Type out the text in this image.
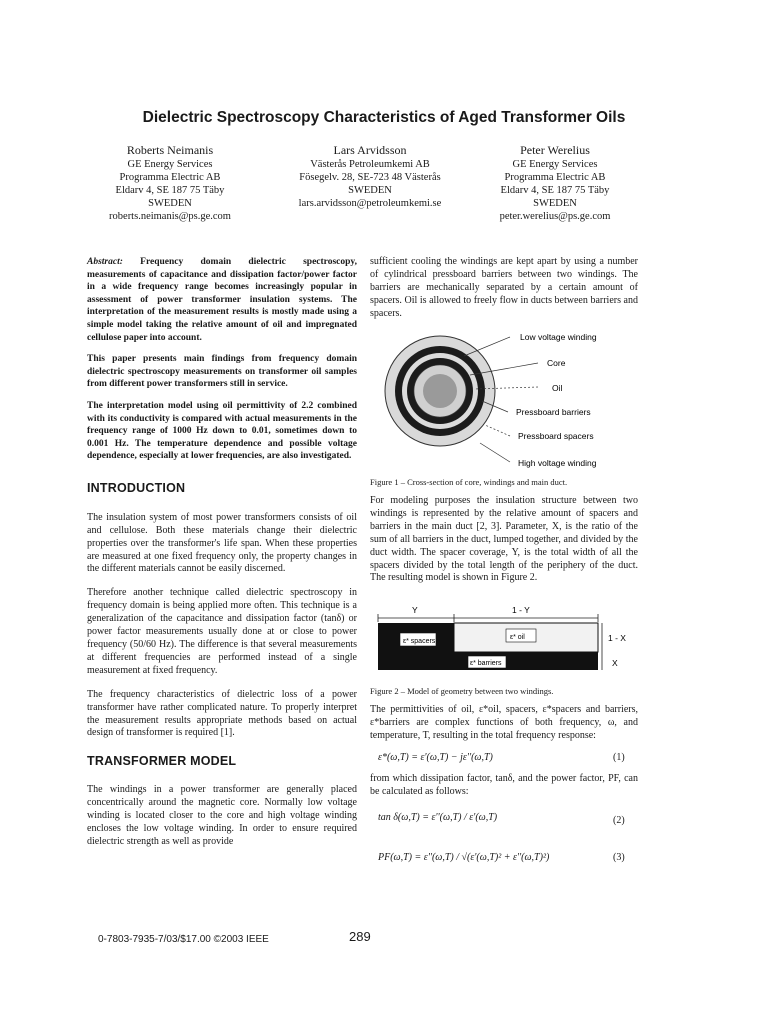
Dielectric Spectroscopy Characteristics of Aged Transformer Oils
Roberts Neimanis
GE Energy Services
Programma Electric AB
Eldarv 4, SE 187 75 Täby
SWEDEN
roberts.neimanis@ps.ge.com
Lars Arvidsson
Västerås Petroleumkemi AB
Fösegelv. 28, SE-723 48 Västerås
SWEDEN
lars.arvidsson@petroleumkemi.se
Peter Werelius
GE Energy Services
Programma Electric AB
Eldarv 4, SE 187 75 Täby
SWEDEN
peter.werelius@ps.ge.com

Abstract: Frequency domain dielectric spectroscopy, measurements of capacitance and dissipation factor/power factor in a wide frequency range becomes increasingly popular in assessment of power transformer insulation systems. The interpretation of the measurement results is mostly made using a simple model taking the relative amount of oil and impregnated cellulose paper into account.

This paper presents main findings from frequency domain dielectric spectroscopy measurements on transformer oil samples from different power transformers still in service.

The interpretation model using oil permittivity of 2.2 combined with its conductivity is compared with actual measurements in the frequency range of 1000 Hz down to 0.01, sometimes down to 0.001 Hz. The temperature dependence and possible voltage dependence, especially at lower frequencies, are also investigated.

INTRODUCTION

The insulation system of most power transformers consists of oil and cellulose. Both these materials change their dielectric properties over the transformer's life span. When these properties are measured at one fixed frequency only, the property changes in the different materials cannot be easily discerned.

Therefore another technique called dielectric spectroscopy in frequency domain is being applied more often. This technique is a generalization of the capacitance and dissipation factor (tanδ) or power factor measurements usually done at or close to power frequency (50/60 Hz). The difference is that several measurements at different frequencies are performed instead of a single measurement at fixed frequency.

The frequency characteristics of dielectric loss of a power transformer have rather complicated nature. To properly interpret the measurement results appropriate methods based on actual design of transformer is required [1].

TRANSFORMER MODEL

The windings in a power transformer are generally placed concentrically around the magnetic core. Normally low voltage winding is located closer to the core and high voltage winding encloses the low voltage winding. In order to ensure required dielectric strength as well as provide

sufficient cooling the windings are kept apart by using a number of cylindrical pressboard barriers between two windings. The barriers are mechanically separated by a certain amount of spacers. Oil is allowed to freely flow in ducts between barriers and spacers.

Low voltage winding
Core
Oil
Pressboard barriers
Pressboard spacers
High voltage winding
Figure 1 – Cross-section of core, windings and main duct.

For modeling purposes the insulation structure between two windings is represented by the relative amount of spacers and barriers in the main duct [2, 3]. Parameter, X, is the ratio of the sum of all barriers in the duct, lumped together, and divided by the duct width. The spacer coverage, Y, is the total width of all the spacers divided by the total length of the periphery of the duct. The resulting model is shown in Figure 2.

Y	1 - Y
ε* spacers
ε* oil
ε* barriers
1 - X
X
Figure 2 – Model of geometry between two windings.

The permittivities of oil, ε*oil, spacers, ε*spacers and barriers, ε*barriers are complex functions of both frequency, ω, and temperature, T, resulting in the total frequency response:

ε*(ω,T) = ε'(ω,T) − jε''(ω,T)	(1)

from which dissipation factor, tanδ, and the power factor, PF, can be calculated as follows:

tan δ(ω,T) = ε''(ω,T) / ε'(ω,T)	(2)
PF(ω,T) = ε''(ω,T) / √(ε'(ω,T)² + ε''(ω,T)²)	(3)
0-7803-7935-7/03/$17.00 ©2003 IEEE	289
